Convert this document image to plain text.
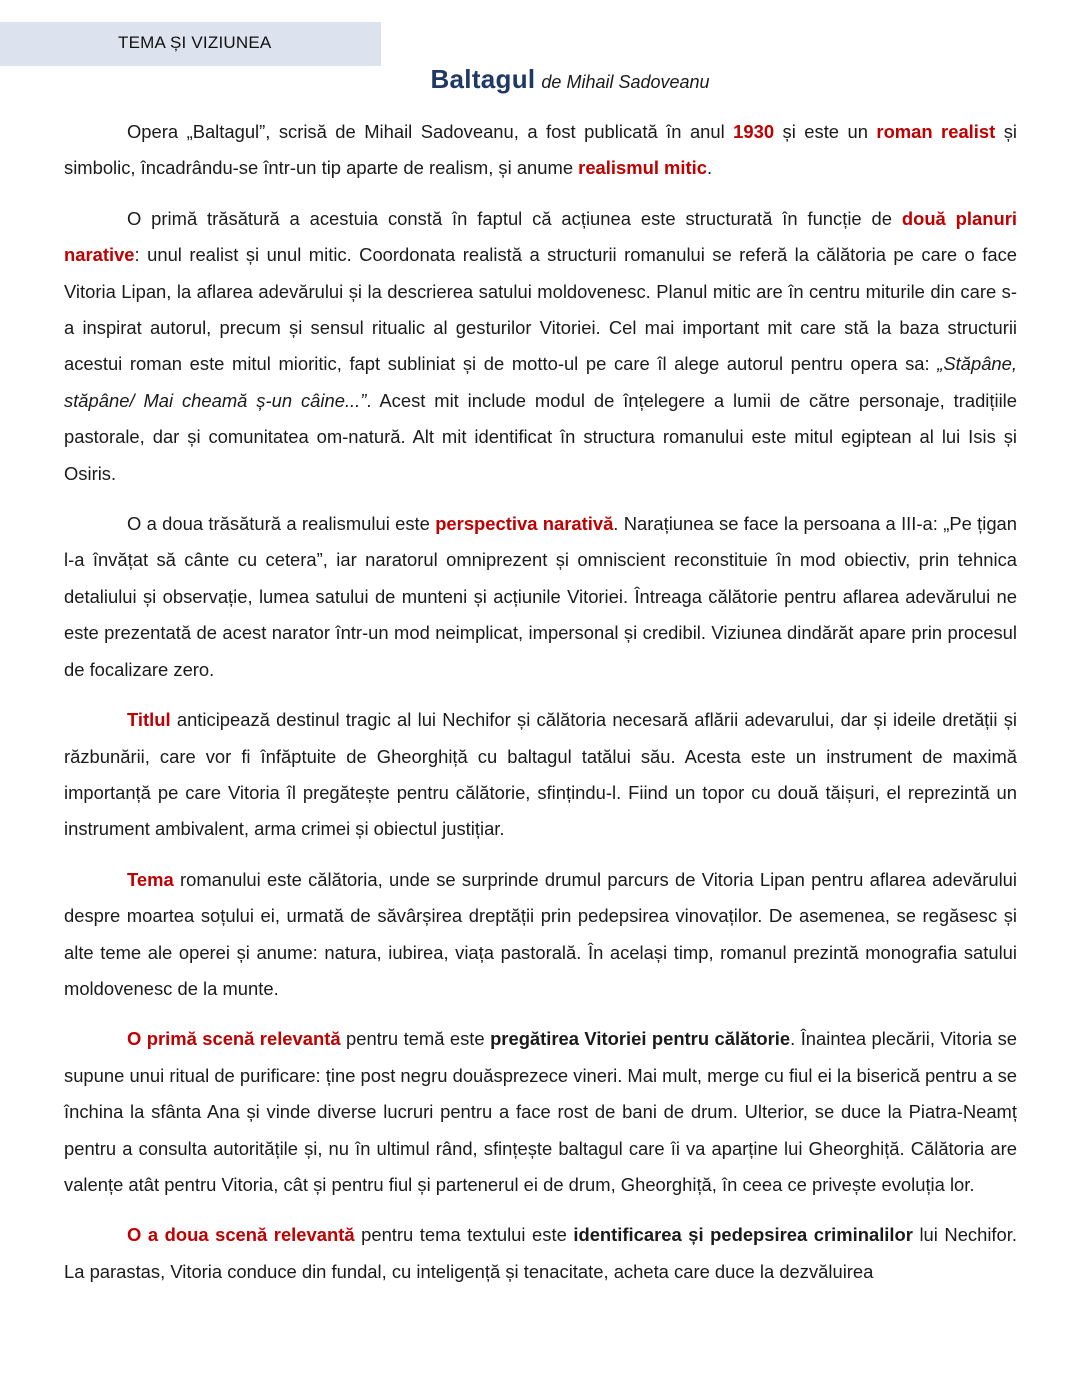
TEMA ȘI VIZIUNEA
Baltagul de Mihail Sadoveanu

Opera „Baltagul”, scrisă de Mihail Sadoveanu, a fost publicată în anul 1930 și este un roman realist și simbolic, încadrându-se într-un tip aparte de realism, și anume realismul mitic.

O primă trăsătură a acestuia constă în faptul că acțiunea este structurată în funcție de două planuri narative: unul realist și unul mitic. Coordonata realistă a structurii romanului se referă la călătoria pe care o face Vitoria Lipan, la aflarea adevărului și la descrierea satului moldovenesc. Planul mitic are în centru miturile din care s-a inspirat autorul, precum și sensul ritualic al gesturilor Vitoriei. Cel mai important mit care stă la baza structurii acestui roman este mitul mioritic, fapt subliniat și de motto-ul pe care îl alege autorul pentru opera sa: „Stăpâne, stăpâne/ Mai cheamă ș-un câine...”. Acest mit include modul de înțelegere a lumii de către personaje, tradițiile pastorale, dar și comunitatea om-natură. Alt mit identificat în structura romanului este mitul egiptean al lui Isis și Osiris.

O a doua trăsătură a realismului este perspectiva narativă. Narațiunea se face la persoana a III-a: „Pe țigan l-a învățat să cânte cu cetera”, iar naratorul omniprezent și omniscient reconstituie în mod obiectiv, prin tehnica detaliului și observație, lumea satului de munteni și acțiunile Vitoriei. Întreaga călătorie pentru aflarea adevărului ne este prezentată de acest narator într-un mod neimplicat, impersonal și credibil. Viziunea dindărăt apare prin procesul de focalizare zero.

Titlul anticipează destinul tragic al lui Nechifor și călătoria necesară aflării adevarului, dar și ideile dretății și răzbunării, care vor fi înfăptuite de Gheorghiță cu baltagul tatălui său. Acesta este un instrument de maximă importanță pe care Vitoria îl pregătește pentru călătorie, sfințindu-l. Fiind un topor cu două tăișuri, el reprezintă un instrument ambivalent, arma crimei și obiectul justițiar.

Tema romanului este călătoria, unde se surprinde drumul parcurs de Vitoria Lipan pentru aflarea adevărului despre moartea soțului ei, urmată de săvârșirea dreptății prin pedepsirea vinovaților. De asemenea, se regăsesc și alte teme ale operei și anume: natura, iubirea, viața pastorală. În același timp, romanul prezintă monografia satului moldovenesc de la munte.

O primă scenă relevantă pentru temă este pregătirea Vitoriei pentru călătorie. Înaintea plecării, Vitoria se supune unui ritual de purificare: ține post negru douăsprezece vineri. Mai mult, merge cu fiul ei la biserică pentru a se închina la sfânta Ana și vinde diverse lucruri pentru a face rost de bani de drum. Ulterior, se duce la Piatra-Neamț pentru a consulta autoritățile și, nu în ultimul rând, sfințește baltagul care îi va aparține lui Gheorghiță. Călătoria are valențe atât pentru Vitoria, cât și pentru fiul și partenerul ei de drum, Gheorghiță, în ceea ce privește evoluția lor.

O a doua scenă relevantă pentru tema textului este identificarea și pedepsirea criminalilor lui Nechifor. La parastas, Vitoria conduce din fundal, cu inteligență și tenacitate, acheta care duce la dezvăluirea
